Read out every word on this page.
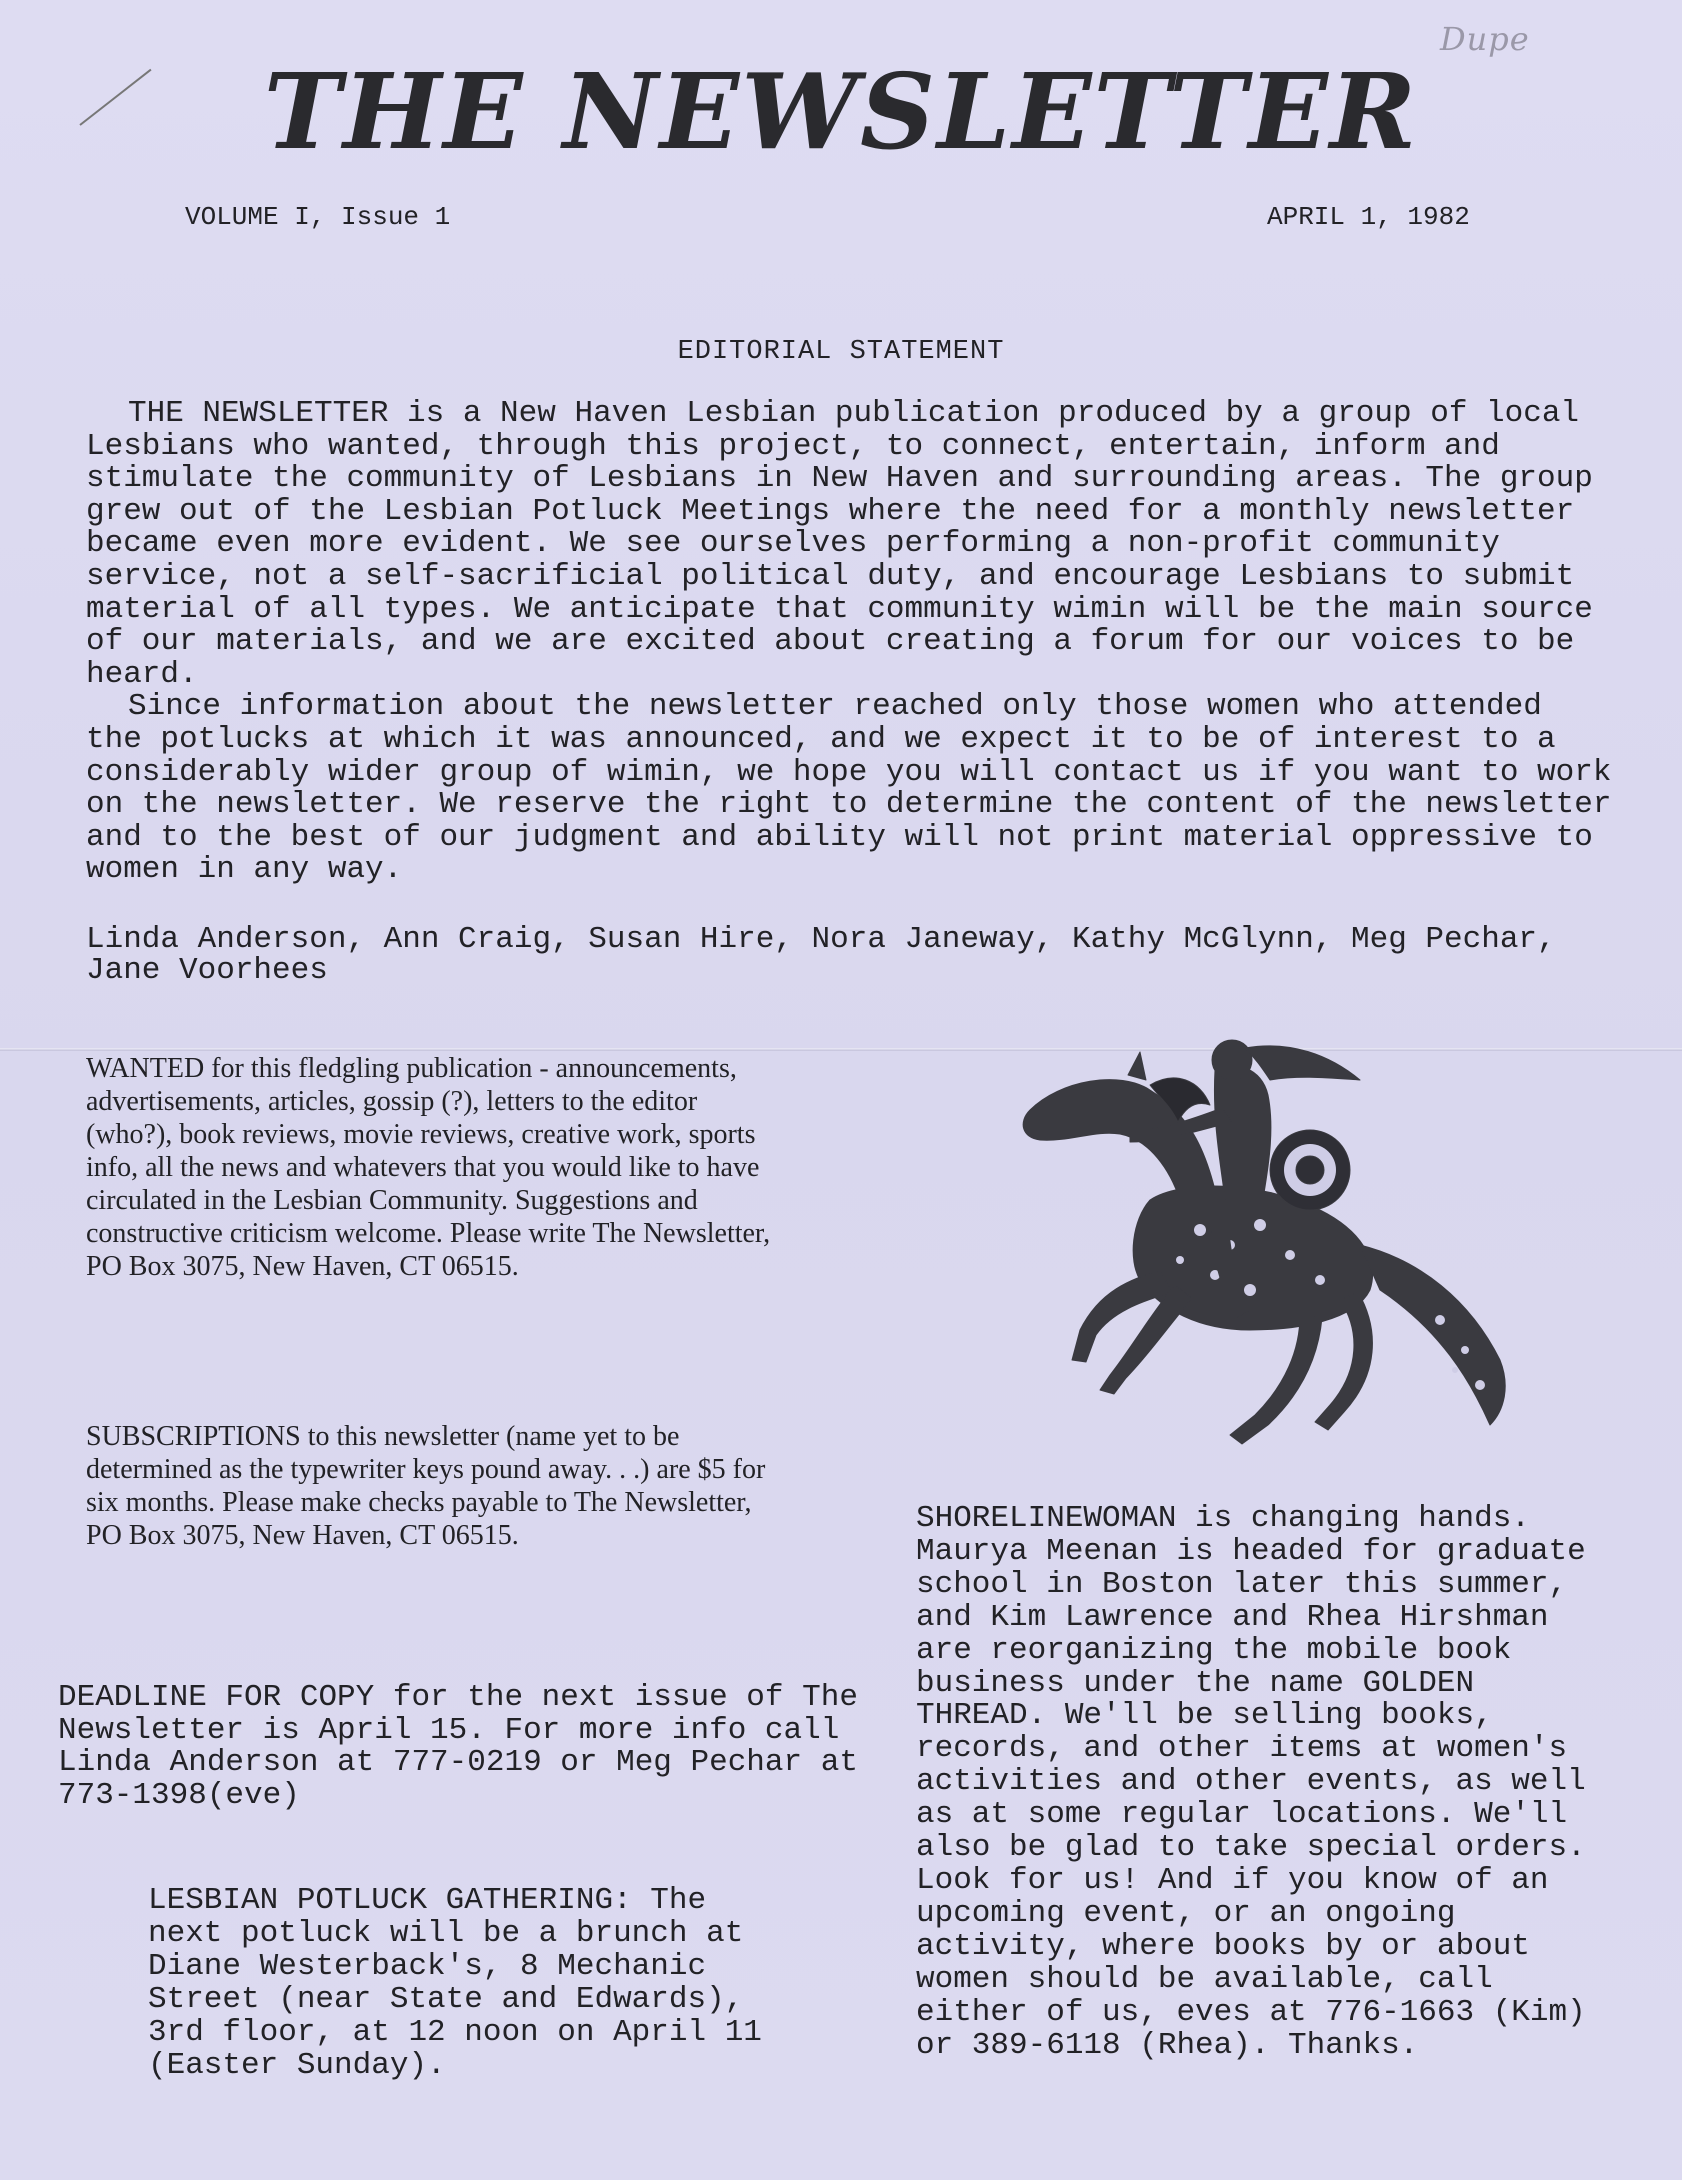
Dupe
THE NEWSLETTER
VOLUME I, Issue 1	APRIL 1, 1982
EDITORIAL STATEMENT

THE NEWSLETTER is a New Haven Lesbian publication produced by a group of local Lesbians who wanted, through this project, to connect, entertain, inform and stimulate the community of Lesbians in New Haven and surrounding areas. The group grew out of the Lesbian Potluck Meetings where the need for a monthly newsletter became even more evident. We see ourselves performing a non-profit community service, not a self-sacrificial political duty, and encourage Lesbians to submit material of all types. We anticipate that community wimin will be the main source of our materials, and we are excited about creating a forum for our voices to be heard.

Since information about the newsletter reached only those women who attended the potlucks at which it was announced, and we expect it to be of interest to a considerably wider group of wimin, we hope you will contact us if you want to work on the newsletter. We reserve the right to determine the content of the newsletter and to the best of our judgment and ability will not print material oppressive to women in any way.

Linda Anderson, Ann Craig, Susan Hire, Nora Janeway, Kathy McGlynn, Meg Pechar, Jane Voorhees

WANTED for this fledgling publication - announcements, advertisements, articles, gossip (?), letters to the editor (who?), book reviews, movie reviews, creative work, sports info, all the news and whatevers that you would like to have circulated in the Lesbian Community. Suggestions and constructive criticism welcome. Please write The Newsletter, PO Box 3075, New Haven, CT 06515.

SUBSCRIPTIONS to this newsletter (name yet to be determined as the typewriter keys pound away. . .) are $5 for six months. Please make checks payable to The Newsletter, PO Box 3075, New Haven, CT 06515.

DEADLINE FOR COPY for the next issue of The Newsletter is April 15. For more info call Linda Anderson at 777-0219 or Meg Pechar at 773-1398(eve)

LESBIAN POTLUCK GATHERING: The next potluck will be a brunch at Diane Westerback's, 8 Mechanic Street (near State and Edwards), 3rd floor, at 12 noon on April 11 (Easter Sunday).

SHORELINEWOMAN is changing hands. Maurya Meenan is headed for graduate school in Boston later this summer, and Kim Lawrence and Rhea Hirshman are reorganizing the mobile book business under the name GOLDEN THREAD. We'll be selling books, records, and other items at women's activities and other events, as well as at some regular locations. We'll also be glad to take special orders. Look for us! And if you know of an upcoming event, or an ongoing activity, where books by or about women should be available, call either of us, eves at 776-1663 (Kim) or 389-6118 (Rhea). Thanks.
